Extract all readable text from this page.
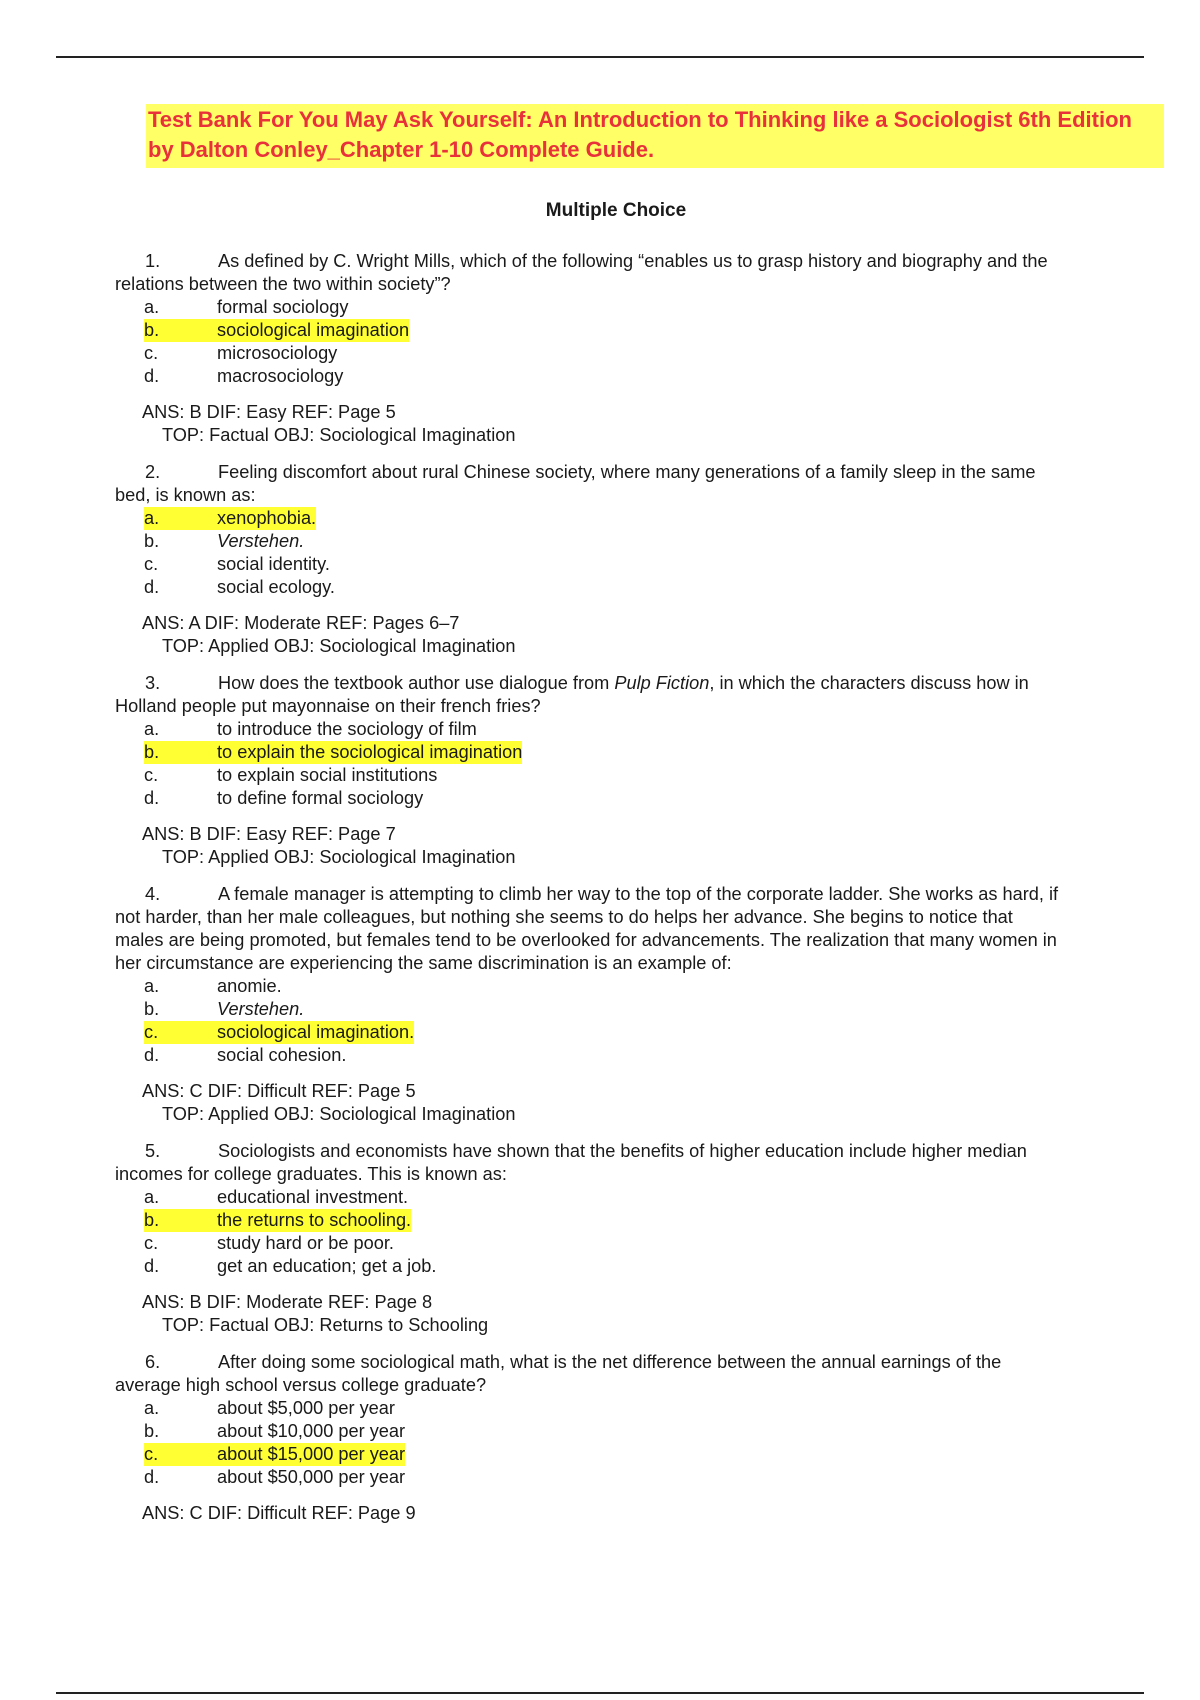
Test Bank For You May Ask Yourself: An Introduction to Thinking like a Sociologist 6th Edition by Dalton Conley_Chapter 1-10 Complete Guide.

Multiple Choice

1.	As defined by C. Wright Mills, which of the following “enables us to grasp history and biography and the
relations between the two within society”?

a.	formal sociology
b.	sociological imagination
c.	microsociology
d.	macrosociology

ANS: B DIF: Easy REF: Page 5
TOP: Factual OBJ: Sociological Imagination

2.	Feeling discomfort about rural Chinese society, where many generations of a family sleep in the same
bed, is known as:

a.	xenophobia.
b.	Verstehen.
c.	social identity.
d.	social ecology.

ANS: A DIF: Moderate REF: Pages 6–7
TOP: Applied OBJ: Sociological Imagination

3.	How does the textbook author use dialogue from Pulp Fiction, in which the characters discuss how in
Holland people put mayonnaise on their french fries?

a.	to introduce the sociology of film
b.	to explain the sociological imagination
c.	to explain social institutions
d.	to define formal sociology

ANS: B DIF: Easy REF: Page 7
TOP: Applied OBJ: Sociological Imagination

4.	A female manager is attempting to climb her way to the top of the corporate ladder. She works as hard, if
not harder, than her male colleagues, but nothing she seems to do helps her advance. She begins to notice that
males are being promoted, but females tend to be overlooked for advancements. The realization that many women in
her circumstance are experiencing the same discrimination is an example of:

a.	anomie.
b.	Verstehen.
c.	sociological imagination.
d.	social cohesion.

ANS: C DIF: Difficult REF: Page 5
TOP: Applied OBJ: Sociological Imagination

5.	Sociologists and economists have shown that the benefits of higher education include higher median
incomes for college graduates. This is known as:

a.	educational investment.
b.	the returns to schooling.
c.	study hard or be poor.
d.	get an education; get a job.

ANS: B DIF: Moderate REF: Page 8
TOP: Factual OBJ: Returns to Schooling

6.	After doing some sociological math, what is the net difference between the annual earnings of the
average high school versus college graduate?

a.	about $5,000 per year
b.	about $10,000 per year
c.	about $15,000 per year
d.	about $50,000 per year

ANS: C DIF: Difficult REF: Page 9
